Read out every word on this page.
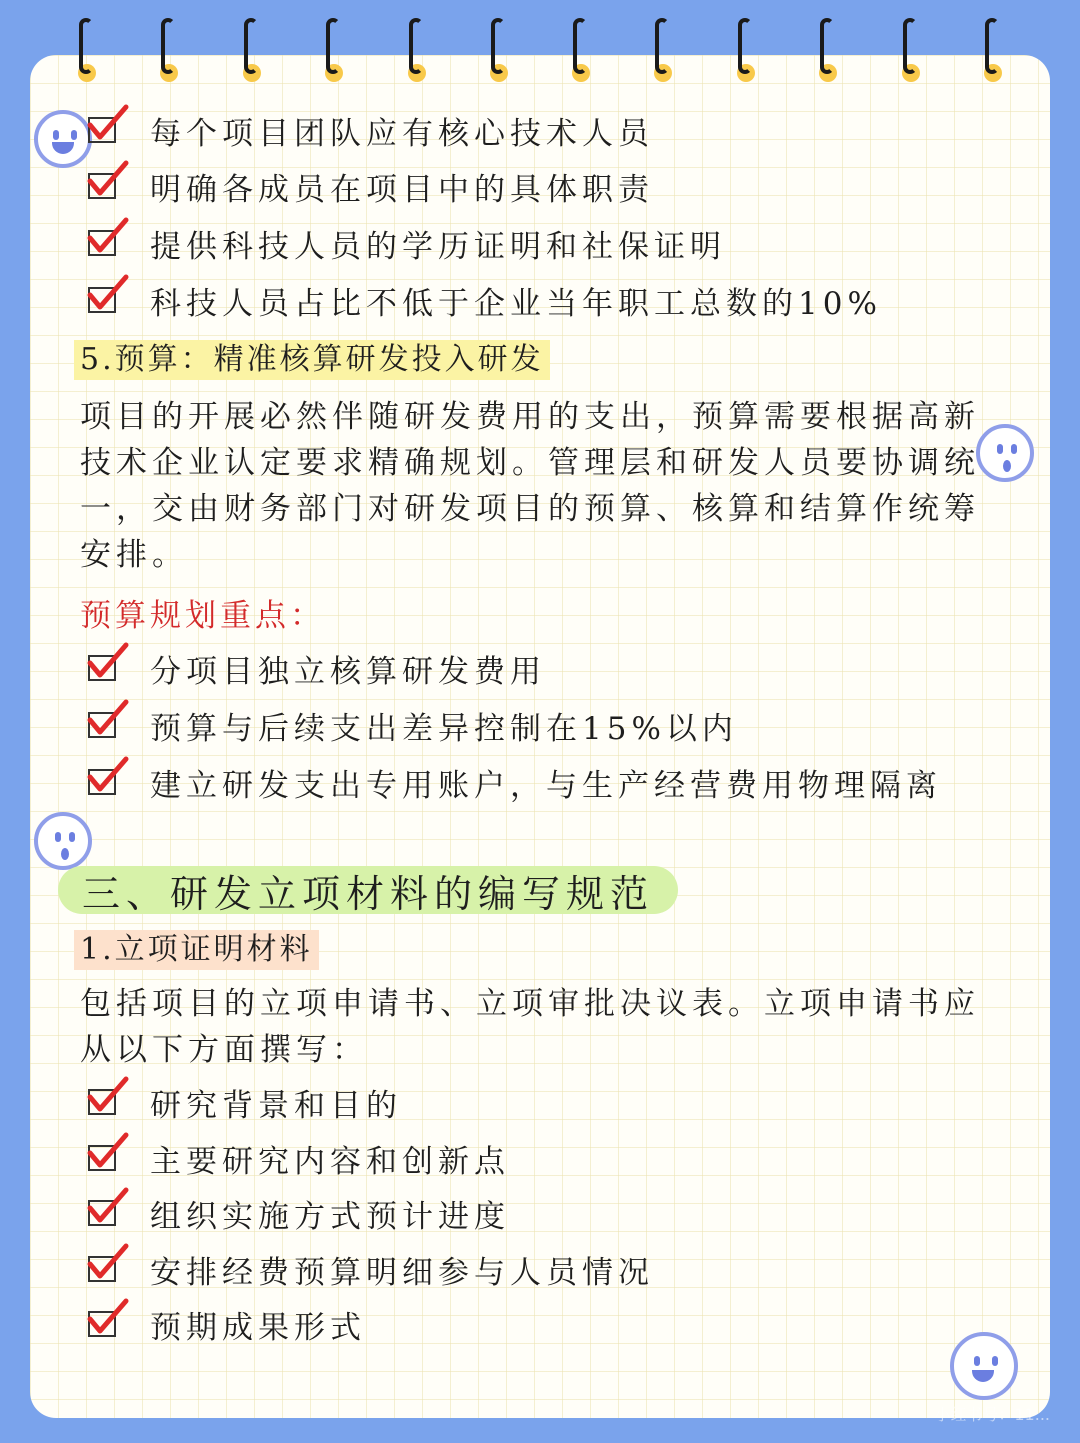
每个项目团队应有核心技术人员
明确各成员在项目中的具体职责
提供科技人员的学历证明和社保证明
科技人员占比不低于企业当年职工总数的10%
5.预算：精准核算研发投入研发
项目的开展必然伴随研发费用的支出，预算需要根据高新技术企业认定要求精确规划。管理层和研发人员要协调统一，交由财务部门对研发项目的预算、核算和结算作统筹安排。
预算规划重点：
分项目独立核算研发费用
预算与后续支出差异控制在15%以内
建立研发支出专用账户，与生产经营费用物理隔离
三、研发立项材料的编写规范
1.立项证明材料
包括项目的立项申请书、立项审批决议表。立项申请书应从以下方面撰写：
研究背景和目的
主要研究内容和创新点
组织实施方式预计进度
安排经费预算明细参与人员情况
预期成果形式
小红书号：11...
